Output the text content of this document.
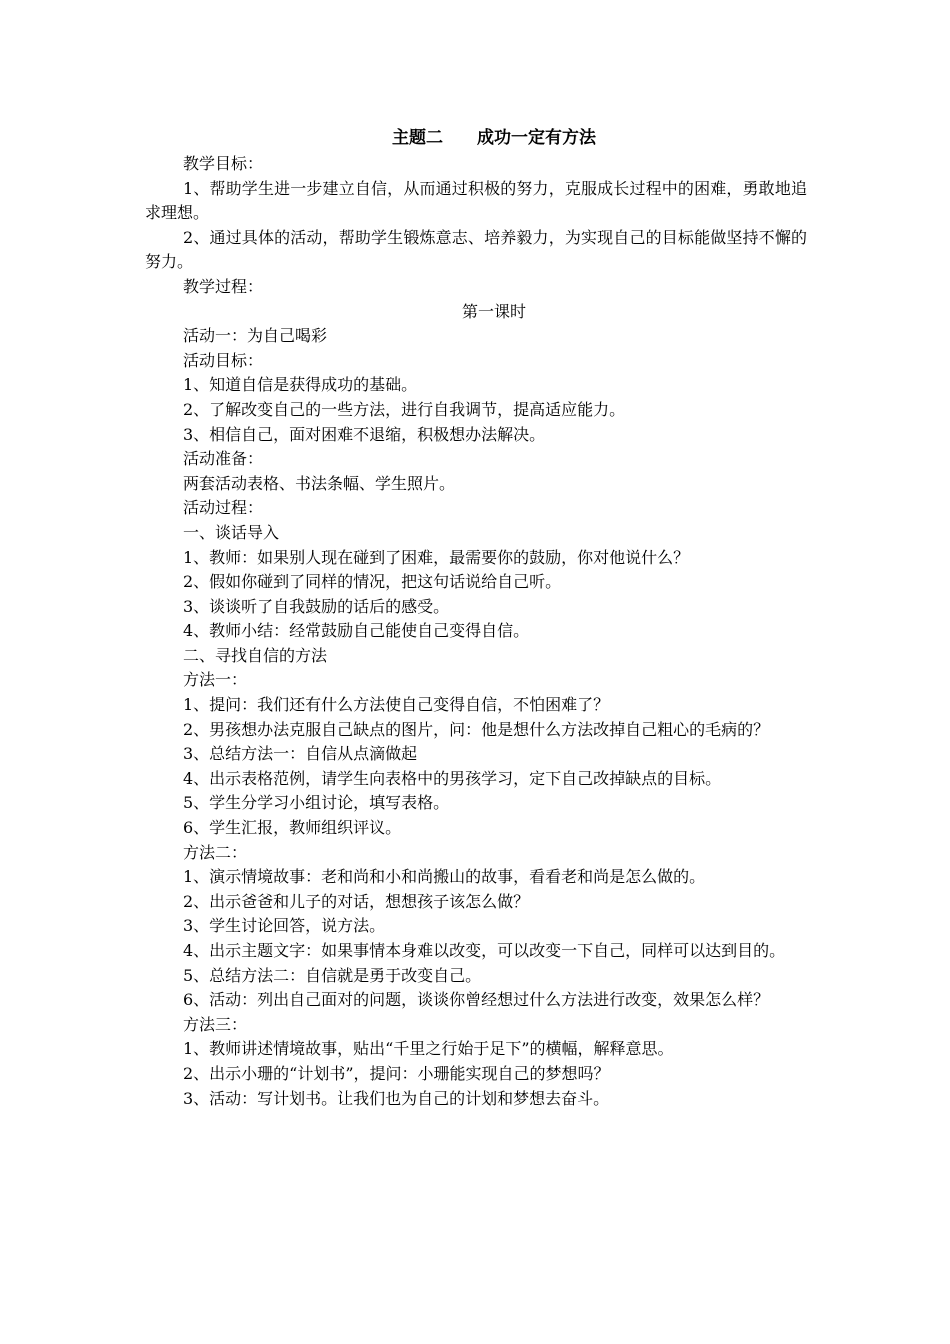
主题二 成功一定有方法

教学目标：

1、帮助学生进一步建立自信，从而通过积极的努力，克服成长过程中的困难，勇敢地追求理想。

2、通过具体的活动，帮助学生锻炼意志、培养毅力，为实现自己的目标能做坚持不懈的努力。

教学过程：

第一课时

活动一：为自己喝彩

活动目标：

1、知道自信是获得成功的基础。

2、了解改变自己的一些方法，进行自我调节，提高适应能力。

3、相信自己，面对困难不退缩，积极想办法解决。

活动准备：

两套活动表格、书法条幅、学生照片。

活动过程：

一、谈话导入

1、教师：如果别人现在碰到了困难，最需要你的鼓励，你对他说什么？

2、假如你碰到了同样的情况，把这句话说给自己听。

3、谈谈听了自我鼓励的话后的感受。

4、教师小结：经常鼓励自己能使自己变得自信。

二、寻找自信的方法

方法一：

1、提问：我们还有什么方法使自己变得自信，不怕困难了？

2、男孩想办法克服自己缺点的图片，问：他是想什么方法改掉自己粗心的毛病的？

3、总结方法一：自信从点滴做起

4、出示表格范例，请学生向表格中的男孩学习，定下自己改掉缺点的目标。

5、学生分学习小组讨论，填写表格。

6、学生汇报，教师组织评议。

方法二：

1、演示情境故事：老和尚和小和尚搬山的故事，看看老和尚是怎么做的。

2、出示爸爸和儿子的对话，想想孩子该怎么做？

3、学生讨论回答，说方法。

4、出示主题文字：如果事情本身难以改变，可以改变一下自己，同样可以达到目的。

5、总结方法二：自信就是勇于改变自己。

6、活动：列出自己面对的问题，谈谈你曾经想过什么方法进行改变，效果怎么样？

方法三：

1、教师讲述情境故事，贴出“千里之行始于足下”的横幅，解释意思。

2、出示小珊的“计划书”，提问：小珊能实现自己的梦想吗？

3、活动：写计划书。让我们也为自己的计划和梦想去奋斗。
